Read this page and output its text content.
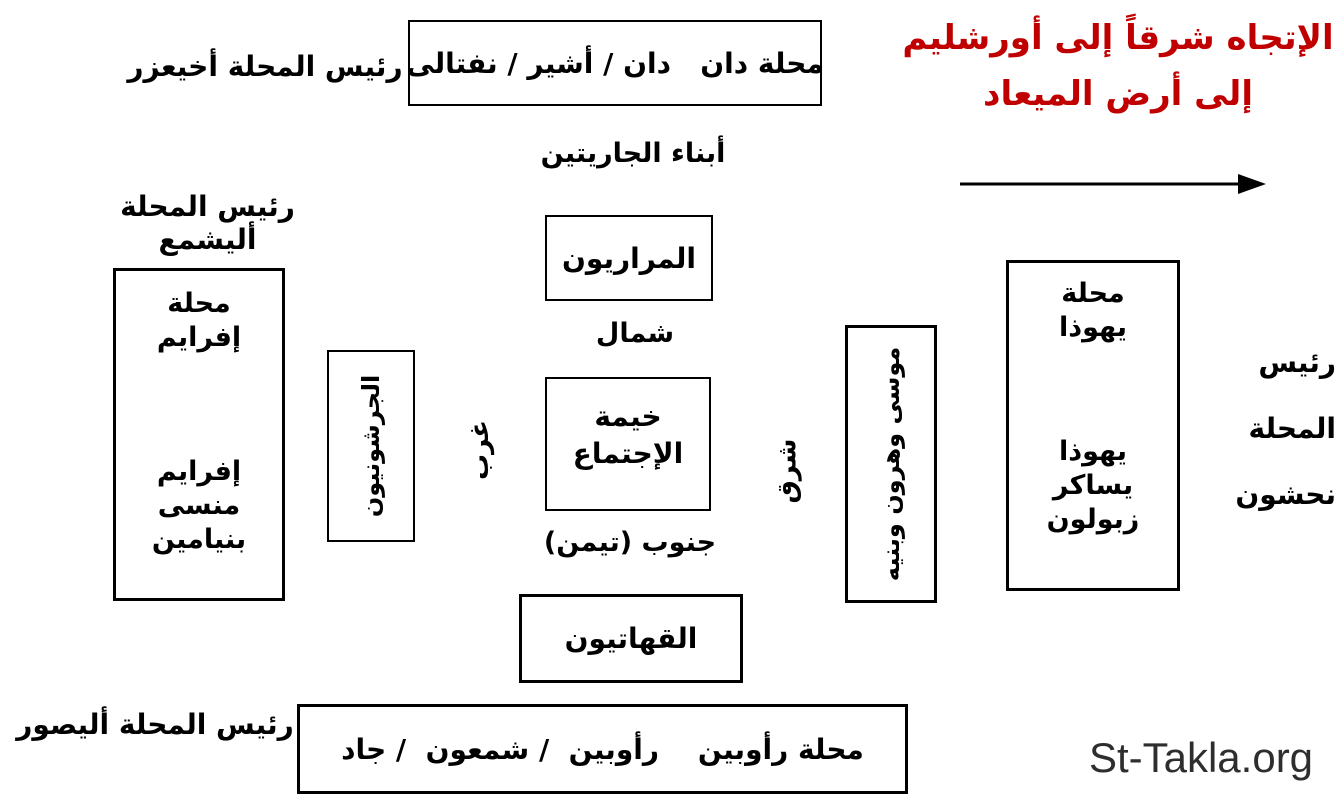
محلة دان   دان / أشير / نفتالى
رئيس المحلة أخيعزر
الإتجاه شرقاً إلى أورشليم
إلى أرض الميعاد
أبناء الجاريتين
المراريون
رئيس المحلة أليشمع
شمال
محلة
إفرايم
إفرايم
منسى
بنيامين
الجرشونيون	غرب
خيمة
الإجتماع	شرق	موسى وهرون وبنيه
محلة
يهوذا
يهوذا
يساكر
زبولون
رئيس
المحلة
نحشون
جنوب (تيمن)
القهاتيون
محلة رأوبين    رأوبين  / شمعون  / جاد
رئيس المحلة أليصور
St-Takla.org
